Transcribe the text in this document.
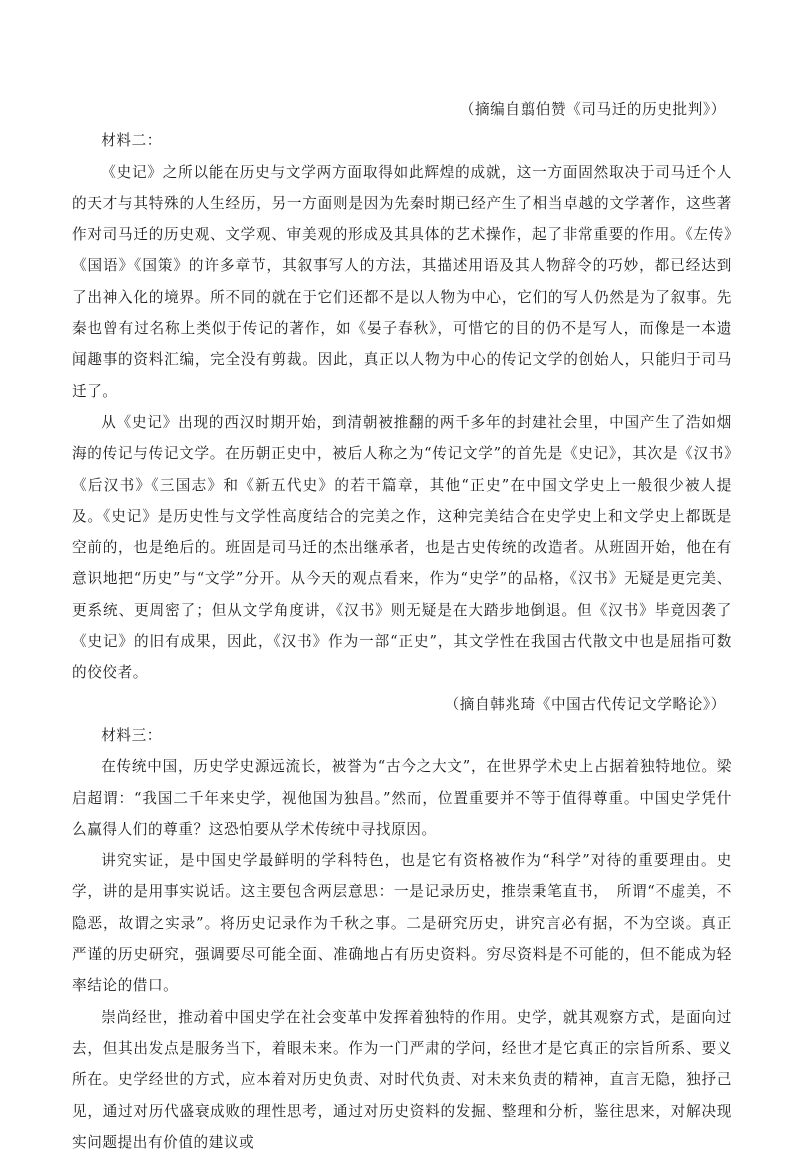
（摘编自翦伯赞《司马迁的历史批判》）

材料二：

《史记》之所以能在历史与文学两方面取得如此辉煌的成就，这一方面固然取决于司马迁个人的天才与其特殊的人生经历，另一方面则是因为先秦时期已经产生了相当卓越的文学著作，这些著作对司马迁的历史观、文学观、审美观的形成及其具体的艺术操作，起了非常重要的作用。《左传》《国语》《国策》的许多章节，其叙事写人的方法，其描述用语及其人物辞令的巧妙，都已经达到了出神入化的境界。所不同的就在于它们还都不是以人物为中心，它们的写人仍然是为了叙事。先秦也曾有过名称上类似于传记的著作，如《晏子春秋》，可惜它的目的仍不是写人，而像是一本遗闻趣事的资料汇编，完全没有剪裁。因此，真正以人物为中心的传记文学的创始人，只能归于司马迁了。

从《史记》出现的西汉时期开始，到清朝被推翻的两千多年的封建社会里，中国产生了浩如烟海的传记与传记文学。在历朝正史中，被后人称之为“传记文学”的首先是《史记》，其次是《汉书》《后汉书》《三国志》和《新五代史》的若干篇章，其他“正史”在中国文学史上一般很少被人提及。《史记》是历史性与文学性高度结合的完美之作，这种完美结合在史学史上和文学史上都既是空前的，也是绝后的。班固是司马迁的杰出继承者，也是古史传统的改造者。从班固开始，他在有意识地把“历史”与“文学”分开。从今天的观点看来，作为“史学”的品格，《汉书》无疑是更完美、更系统、更周密了；但从文学角度讲，《汉书》则无疑是在大踏步地倒退。但《汉书》毕竟因袭了《史记》的旧有成果，因此，《汉书》作为一部“正史”，其文学性在我国古代散文中也是屈指可数的佼佼者。

（摘自韩兆琦《中国古代传记文学略论》）

材料三：

在传统中国，历史学史源远流长，被誉为“古今之大文”，在世界学术史上占据着独特地位。梁启超谓：“我国二千年来史学，视他国为独昌。”然而，位置重要并不等于值得尊重。中国史学凭什么赢得人们的尊重？这恐怕要从学术传统中寻找原因。

讲究实证，是中国史学最鲜明的学科特色，也是它有资格被作为“科学”对待的重要理由。史学，讲的是用事实说话。这主要包含两层意思：一是记录历史，推崇秉笔直书，　所谓“不虚美，不隐恶，故谓之实录”。将历史记录作为千秋之事。二是研究历史，讲究言必有据，不为空谈。真正严谨的历史研究，强调要尽可能全面、准确地占有历史资料。穷尽资料是不可能的，但不能成为轻率结论的借口。

崇尚经世，推动着中国史学在社会变革中发挥着独特的作用。史学，就其观察方式，是面向过去，但其出发点是服务当下，着眼未来。作为一门严肃的学问，经世才是它真正的宗旨所系、要义所在。史学经世的方式，应本着对历史负责、对时代负责、对未来负责的精神，直言无隐，独抒己见，通过对历代盛衰成败的理性思考，通过对历史资料的发掘、整理和分析，鉴往思来，对解决现实问题提出有价值的建议或
